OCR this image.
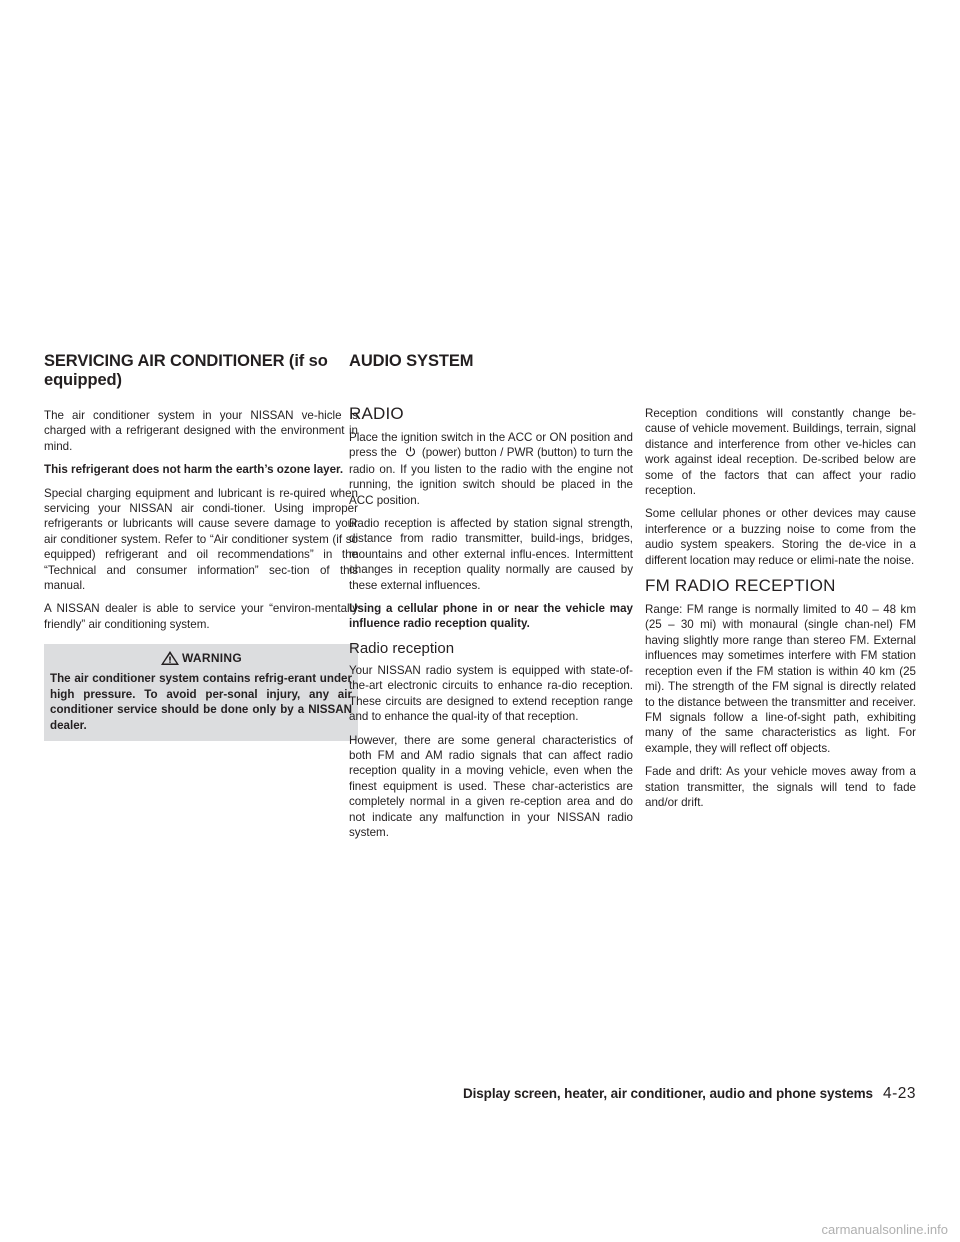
SERVICING AIR CONDITIONER (if so equipped)

The air conditioner system in your NISSAN ve-hicle is charged with a refrigerant designed with the environment in mind.

This refrigerant does not harm the earth’s ozone layer.

Special charging equipment and lubricant is re-quired when servicing your NISSAN air condi-tioner. Using improper refrigerants or lubricants will cause severe damage to your air conditioner system. Refer to “Air conditioner system (if so equipped) refrigerant and oil recommendations” in the “Technical and consumer information” sec-tion of this manual.

A NISSAN dealer is able to service your “environ-mentally friendly” air conditioning system.

WARNING
The air conditioner system contains refrig-erant under high pressure. To avoid per-sonal injury, any air conditioner service should be done only by a NISSAN dealer.
AUDIO SYSTEM
RADIO

Place the ignition switch in the ACC or ON position and press the (power) button / PWR (button) to turn the radio on. If you listen to the radio with the engine not running, the ignition switch should be placed in the ACC position.

Radio reception is affected by station signal strength, distance from radio transmitter, build-ings, bridges, mountains and other external influ-ences. Intermittent changes in reception quality normally are caused by these external influences.

Using a cellular phone in or near the vehicle may influence radio reception quality.

Radio reception

Your NISSAN radio system is equipped with state-of-the-art electronic circuits to enhance ra-dio reception. These circuits are designed to extend reception range and to enhance the qual-ity of that reception.

However, there are some general characteristics of both FM and AM radio signals that can affect radio reception quality in a moving vehicle, even when the finest equipment is used. These char-acteristics are completely normal in a given re-ception area and do not indicate any malfunction in your NISSAN radio system.

Reception conditions will constantly change be-cause of vehicle movement. Buildings, terrain, signal distance and interference from other ve-hicles can work against ideal reception. De-scribed below are some of the factors that can affect your radio reception.

Some cellular phones or other devices may cause interference or a buzzing noise to come from the audio system speakers. Storing the de-vice in a different location may reduce or elimi-nate the noise.

FM RADIO RECEPTION

Range: FM range is normally limited to 40 – 48 km (25 – 30 mi) with monaural (single chan-nel) FM having slightly more range than stereo FM. External influences may sometimes interfere with FM station reception even if the FM station is within 40 km (25 mi). The strength of the FM signal is directly related to the distance between the transmitter and receiver. FM signals follow a line-of-sight path, exhibiting many of the same characteristics as light. For example, they will reflect off objects.

Fade and drift: As your vehicle moves away from a station transmitter, the signals will tend to fade and/or drift.

Display screen, heater, air conditioner, audio and phone systems 4-23
carmanualsonline.info
